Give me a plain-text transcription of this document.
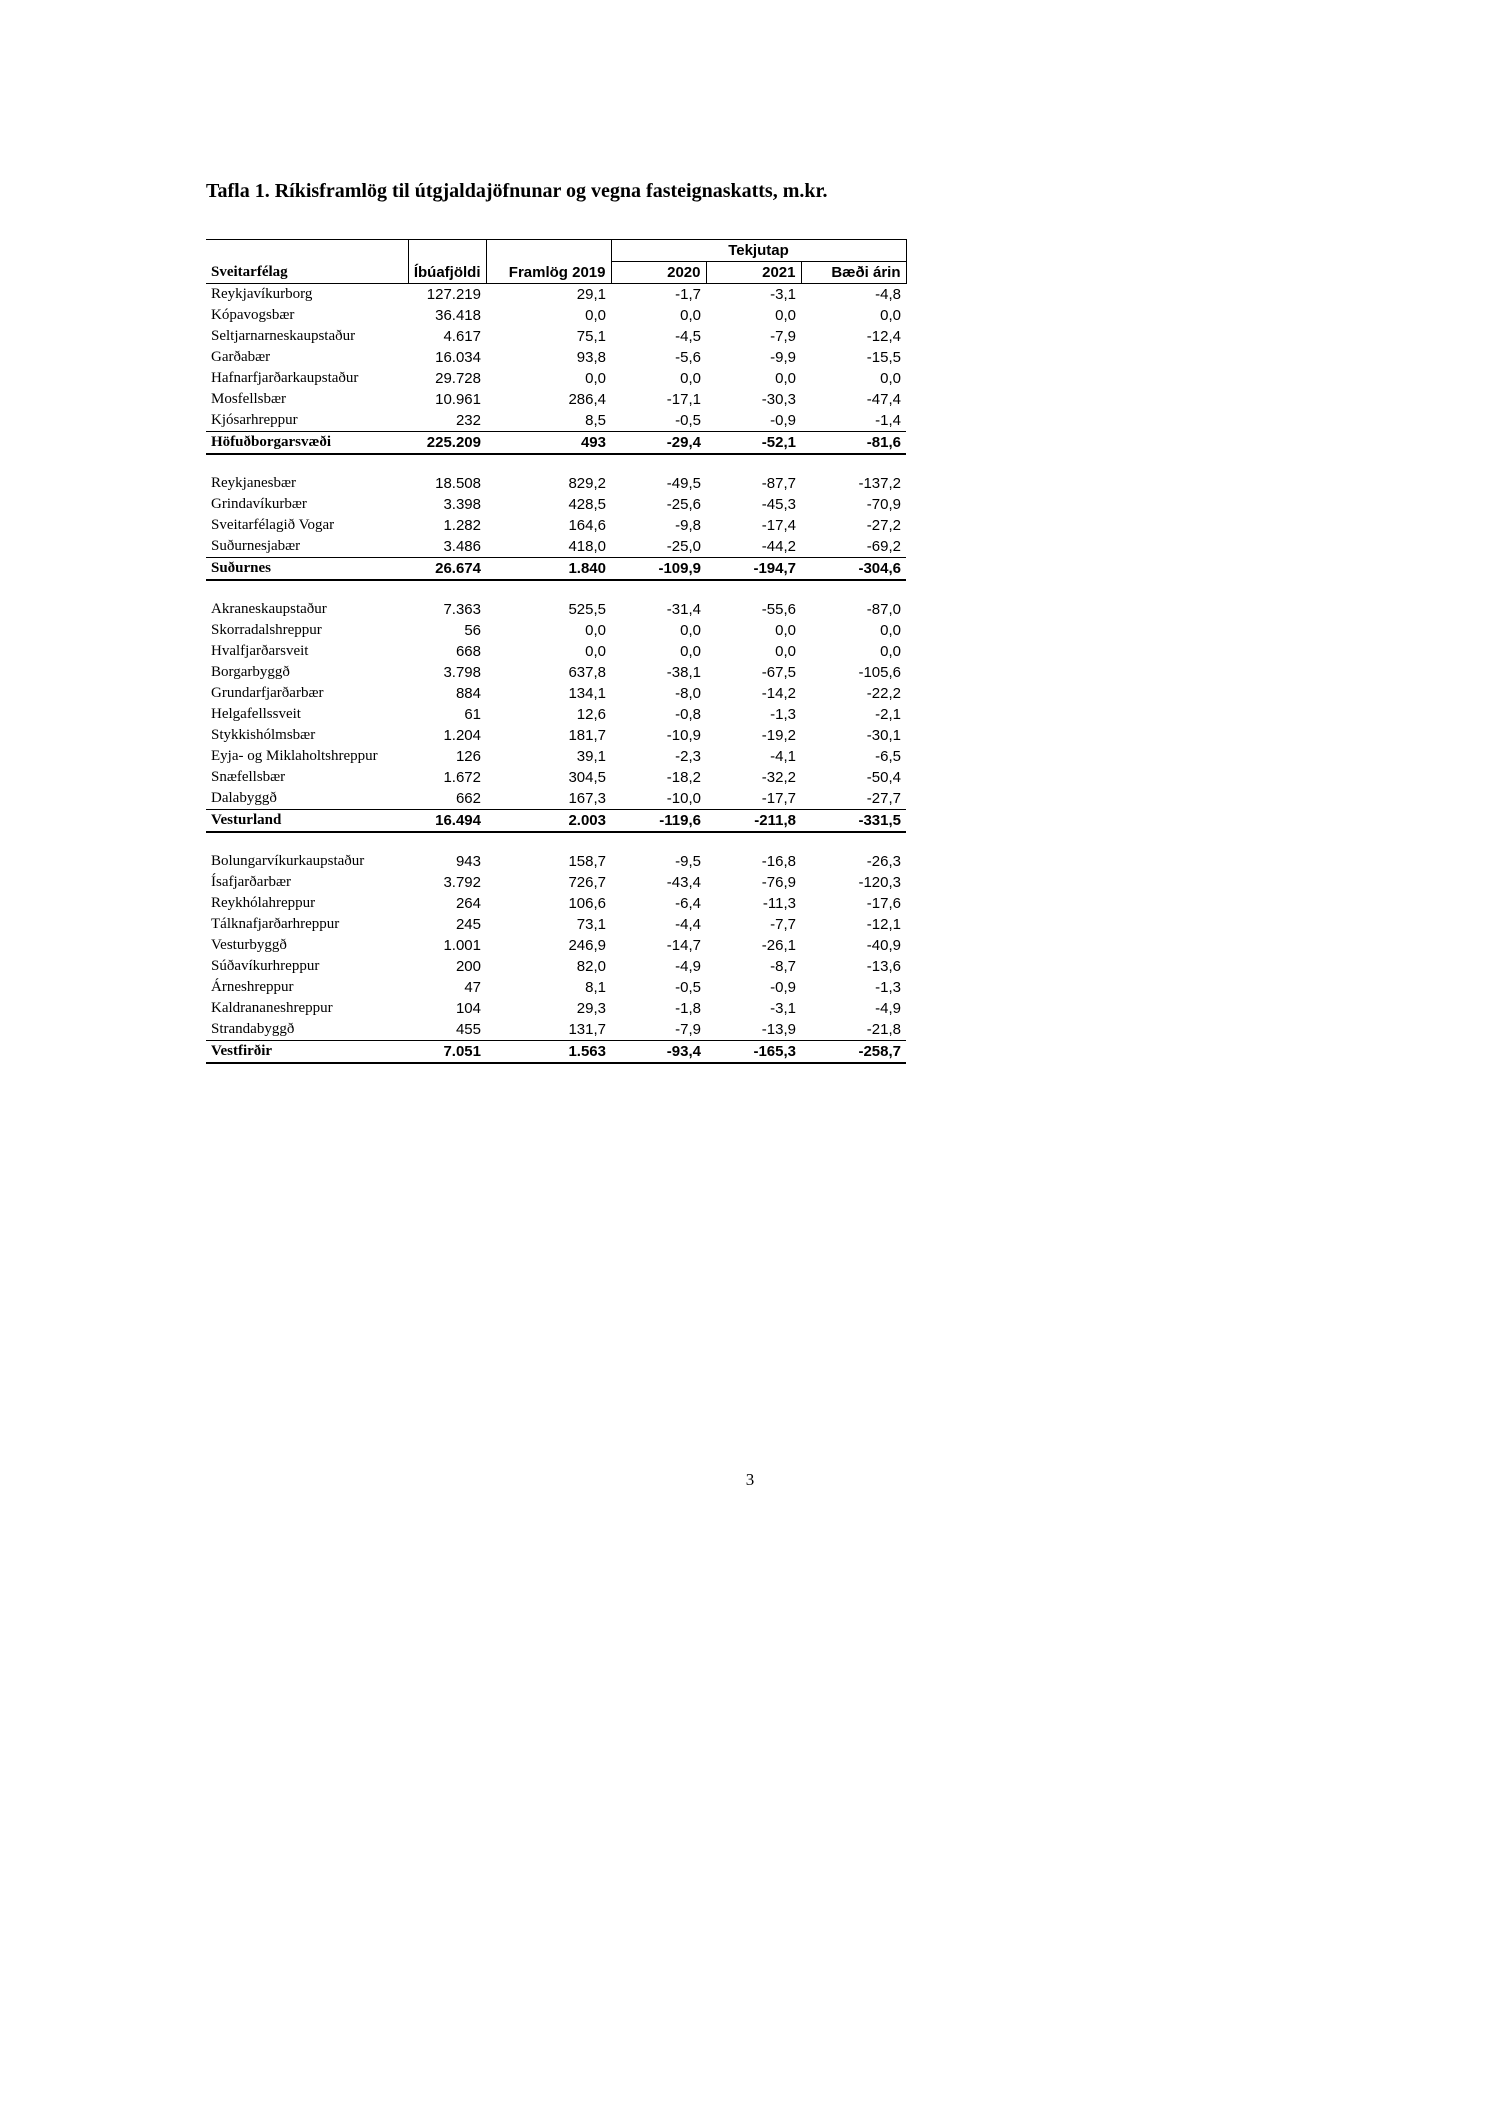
Tafla 1. Ríkisframlög til útgjaldajöfnunar og vegna fasteignaskatts, m.kr.
			Tekjutap		
Sveitarfélag	Íbúafjöldi	Framlög 2019	2020	2021	Bæði árin
Reykjavíkurborg	127.219	29,1	-1,7	-3,1	-4,8
Kópavogsbær	36.418	0,0	0,0	0,0	0,0
Seltjarnarneskaupstaður	4.617	75,1	-4,5	-7,9	-12,4
Garðabær	16.034	93,8	-5,6	-9,9	-15,5
Hafnarfjarðarkaupstaður	29.728	0,0	0,0	0,0	0,0
Mosfellsbær	10.961	286,4	-17,1	-30,3	-47,4
Kjósarhreppur	232	8,5	-0,5	-0,9	-1,4
Höfuðborgarsvæði	225.209	493	-29,4	-52,1	-81,6

Reykjanesbær	18.508	829,2	-49,5	-87,7	-137,2
Grindavíkurbær	3.398	428,5	-25,6	-45,3	-70,9
Sveitarfélagið Vogar	1.282	164,6	-9,8	-17,4	-27,2
Suðurnesjabær	3.486	418,0	-25,0	-44,2	-69,2
Suðurnes	26.674	1.840	-109,9	-194,7	-304,6

Akraneskaupstaður	7.363	525,5	-31,4	-55,6	-87,0
Skorradalshreppur	56	0,0	0,0	0,0	0,0
Hvalfjarðarsveit	668	0,0	0,0	0,0	0,0
Borgarbyggð	3.798	637,8	-38,1	-67,5	-105,6
Grundarfjarðarbær	884	134,1	-8,0	-14,2	-22,2
Helgafellssveit	61	12,6	-0,8	-1,3	-2,1
Stykkishólmsbær	1.204	181,7	-10,9	-19,2	-30,1
Eyja- og Miklaholtshreppur	126	39,1	-2,3	-4,1	-6,5
Snæfellsbær	1.672	304,5	-18,2	-32,2	-50,4
Dalabyggð	662	167,3	-10,0	-17,7	-27,7
Vesturland	16.494	2.003	-119,6	-211,8	-331,5

Bolungarvíkurkaupstaður	943	158,7	-9,5	-16,8	-26,3
Ísafjarðarbær	3.792	726,7	-43,4	-76,9	-120,3
Reykhólahreppur	264	106,6	-6,4	-11,3	-17,6
Tálknafjarðarhreppur	245	73,1	-4,4	-7,7	-12,1
Vesturbyggð	1.001	246,9	-14,7	-26,1	-40,9
Súðavíkurhreppur	200	82,0	-4,9	-8,7	-13,6
Árneshreppur	47	8,1	-0,5	-0,9	-1,3
Kaldrananeshreppur	104	29,3	-1,8	-3,1	-4,9
Strandabyggð	455	131,7	-7,9	-13,9	-21,8
Vestfirðir	7.051	1.563	-93,4	-165,3	-258,7
3
